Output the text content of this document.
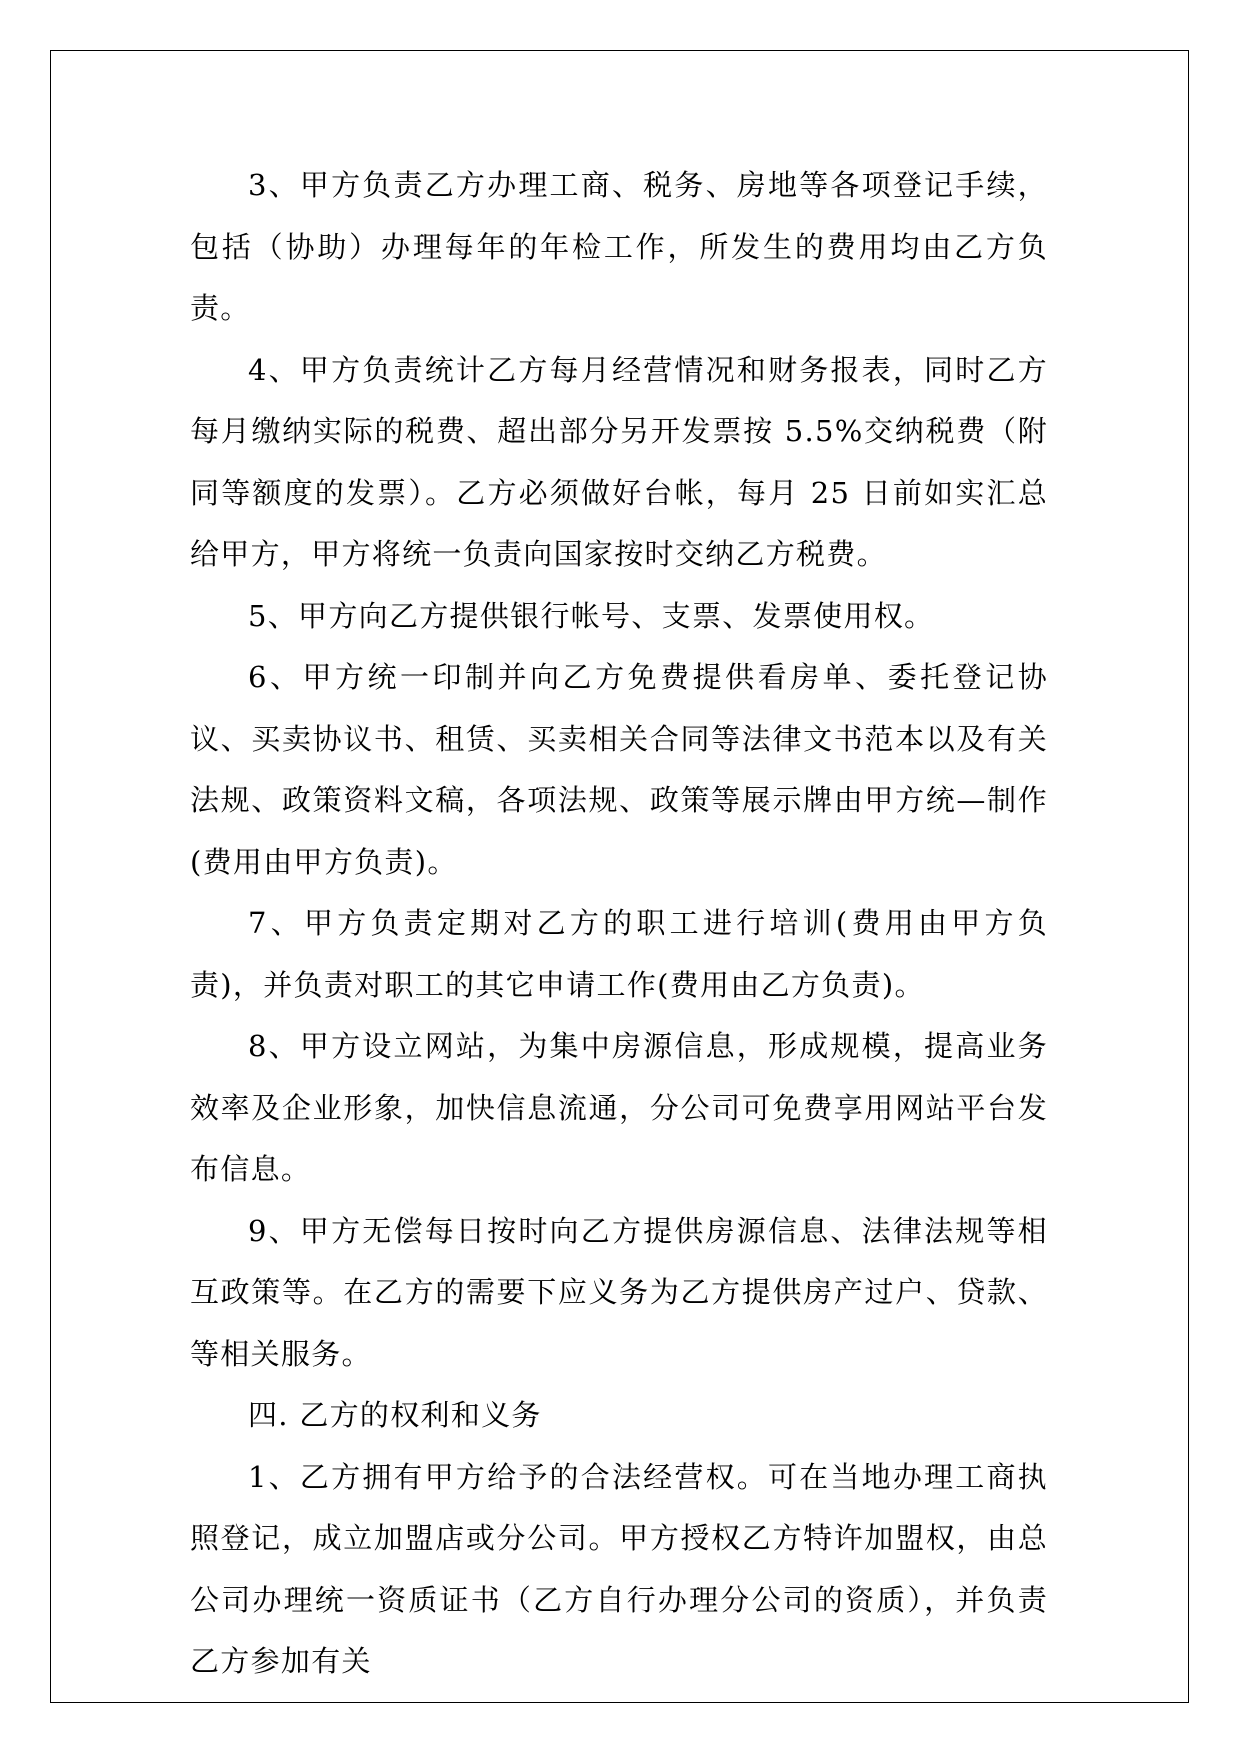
3、甲方负责乙方办理工商、税务、房地等各项登记手续，包括（协助）办理每年的年检工作，所发生的费用均由乙方负责。

4、甲方负责统计乙方每月经营情况和财务报表，同时乙方每月缴纳实际的税费、超出部分另开发票按 5.5%交纳税费（附同等额度的发票）。乙方必须做好台帐，每月 25 日前如实汇总给甲方，甲方将统一负责向国家按时交纳乙方税费。

5、甲方向乙方提供银行帐号、支票、发票使用权。

6、甲方统一印制并向乙方免费提供看房单、委托登记协议、买卖协议书、租赁、买卖相关合同等法律文书范本以及有关法规、政策资料文稿，各项法规、政策等展示牌由甲方统—制作(费用由甲方负责)。

7、甲方负责定期对乙方的职工进行培训(费用由甲方负责)，并负责对职工的其它申请工作(费用由乙方负责)。

8、甲方设立网站，为集中房源信息，形成规模，提高业务效率及企业形象，加快信息流通，分公司可免费享用网站平台发布信息。

9、甲方无偿每日按时向乙方提供房源信息、法律法规等相互政策等。在乙方的需要下应义务为乙方提供房产过户、贷款、等相关服务。

四. 乙方的权利和义务

1、乙方拥有甲方给予的合法经营权。可在当地办理工商执照登记，成立加盟店或分公司。甲方授权乙方特许加盟权，由总公司办理统一资质证书（乙方自行办理分公司的资质），并负责乙方参加有关
